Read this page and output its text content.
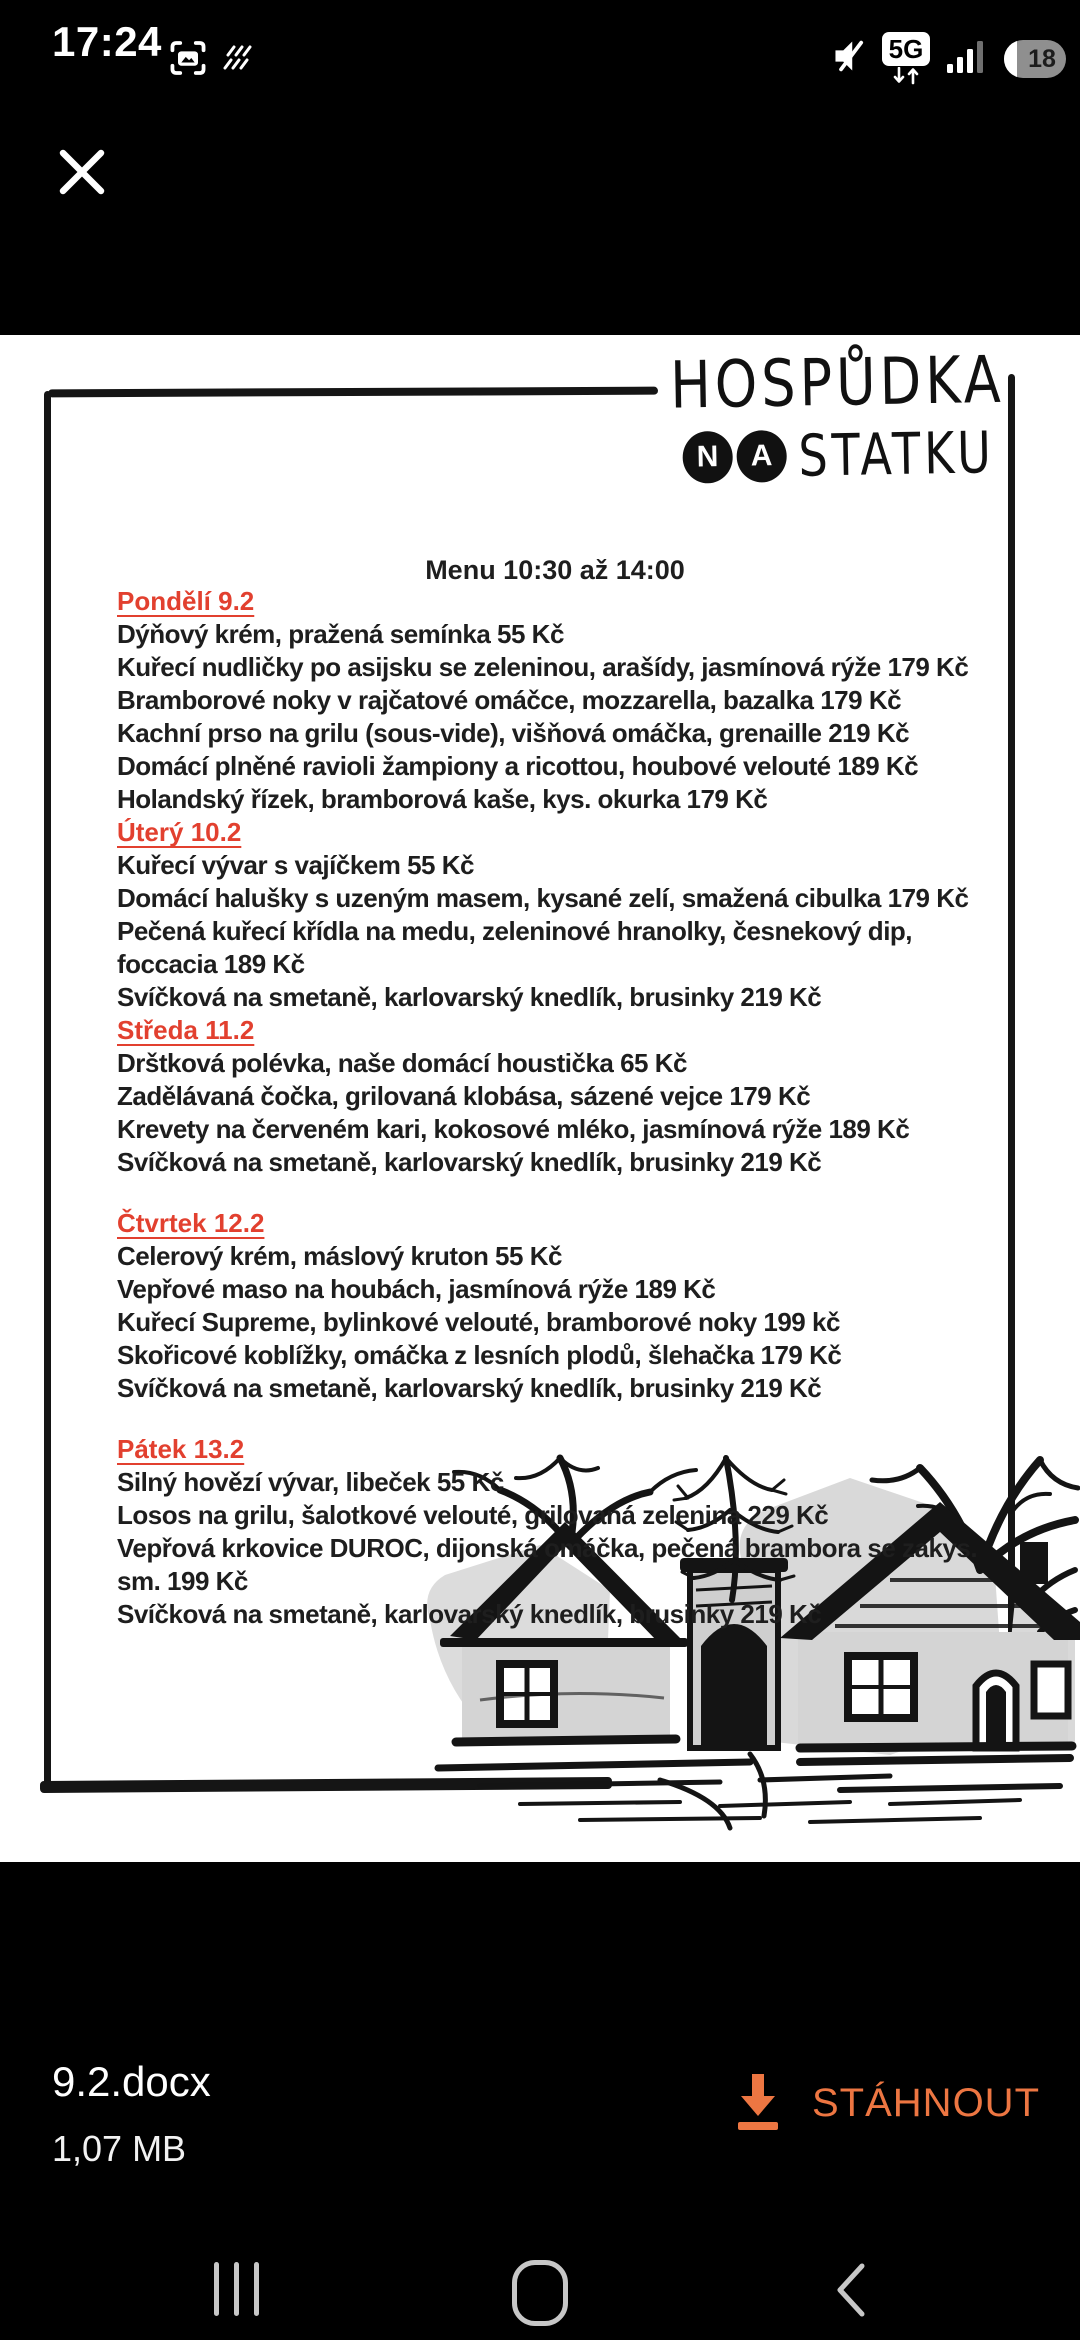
17:24	5G	18
HOSPŮDKA
N	A STATKU
Menu 10:30 až 14:00
Pondělí 9.2
Dýňový krém, pražená semínka 55 Kč
Kuřecí nudličky po asijsku se zeleninou, arašídy, jasmínová rýže 179 Kč
Bramborové noky v rajčatové omáčce, mozzarella, bazalka 179 Kč
Kachní prso na grilu (sous-vide), višňová omáčka, grenaille 219 Kč
Domácí plněné ravioli žampiony a ricottou, houbové velouté 189 Kč
Holandský řízek, bramborová kaše, kys. okurka 179 Kč
Úterý 10.2
Kuřecí vývar s vajíčkem 55 Kč
Domácí halušky s uzeným masem, kysané zelí, smažená cibulka 179 Kč
Pečená kuřecí křídla na medu, zeleninové hranolky, česnekový dip, foccacia 189 Kč
Svíčková na smetaně, karlovarský knedlík, brusinky 219 Kč
Středa 11.2
Drštková polévka, naše domácí houstička 65 Kč
Zadělávaná čočka, grilovaná klobása, sázené vejce 179 Kč
Krevety na červeném kari, kokosové mléko, jasmínová rýže 189 Kč
Svíčková na smetaně, karlovarský knedlík, brusinky 219 Kč
Čtvrtek 12.2
Celerový krém, máslový kruton 55 Kč
Vepřové maso na houbách, jasmínová rýže 189 Kč
Kuřecí Supreme, bylinkové velouté, bramborové noky 199 kč
Skořicové koblížky, omáčka z lesních plodů, šlehačka 179 Kč
Svíčková na smetaně, karlovarský knedlík, brusinky 219 Kč
Pátek 13.2
Silný hovězí vývar, libeček 55 Kč
Losos na grilu, šalotkové velouté, grilovaná zelenina 229 Kč
Vepřová krkovice DUROC, dijonská omáčka, pečená brambora se zakys. sm. 199 Kč
Svíčková na smetaně, karlovarský knedlík, brusinky 219 Kč
9.2.docx
1,07 MB
STÁHNOUT
